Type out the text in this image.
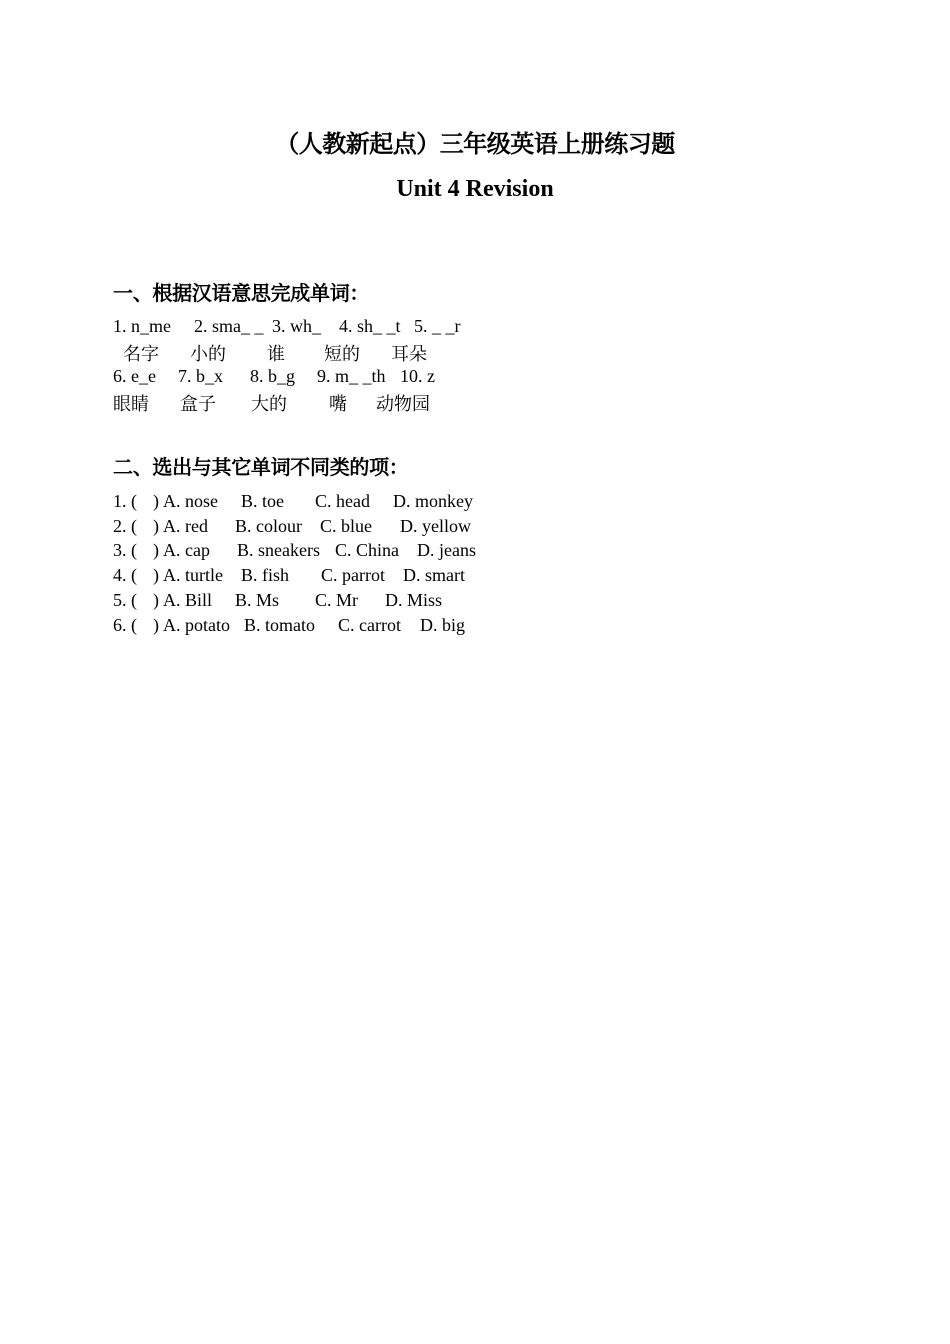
（人教新起点）三年级英语上册练习题
Unit 4 Revision
一、根据汉语意思完成单词：
1. n_me 2. sma_ _ 3. wh_ 4. sh_ _t 5. _ _r
名字 小的 谁 短的 耳朵
6. e_e 7. b_x 8. b_g 9. m_ _th 10. z
眼睛 盒子 大的 嘴 动物园
二、选出与其它单词不同类的项：
1. ( ) A. nose B. toe C. head D. monkey
2. ( ) A. red B. colour C. blue D. yellow
3. ( ) A. cap B. sneakers C. China D. jeans
4. ( ) A. turtle B. fish C. parrot D. smart
5. ( ) A. Bill B. Ms C. Mr D. Miss
6. ( ) A. potato B. tomato C. carrot D. big
